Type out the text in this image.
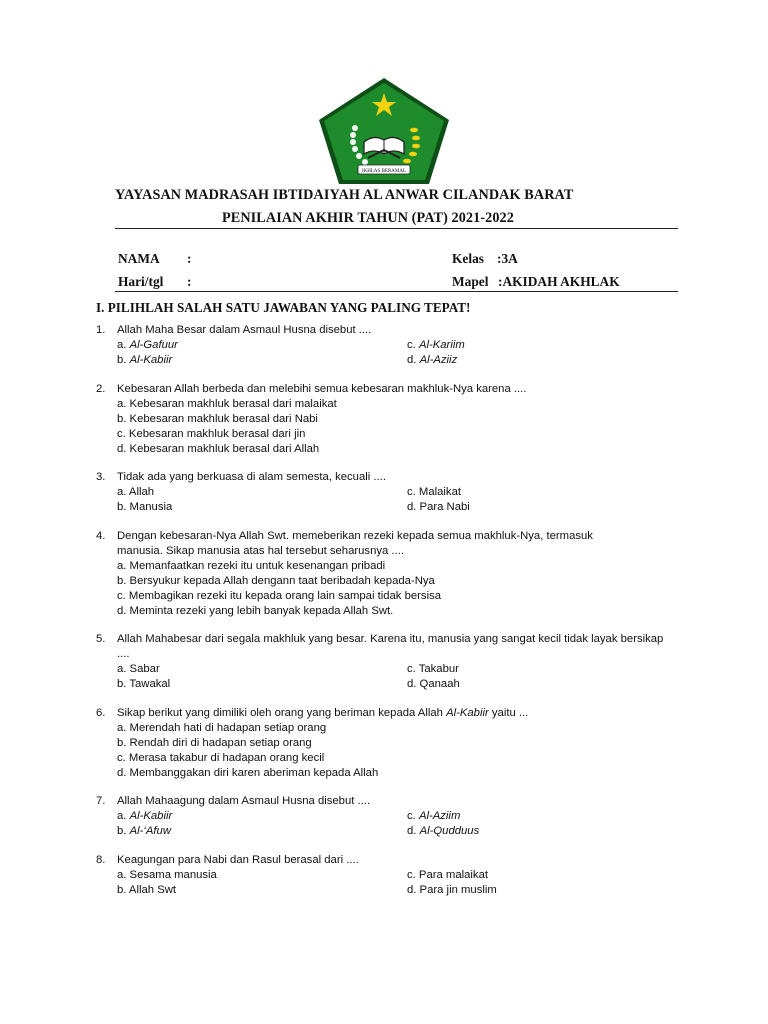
IKHLAS BERAMAL
YAYASAN MADRASAH IBTIDAIYAH AL ANWAR CILANDAK BARAT
PENILAIAN AKHIR TAHUN (PAT) 2021-2022
NAMA :	Kelas :3A
Hari/tgl :	Mapel :AKIDAH AKHLAK
I. PILIHLAH SALAH SATU JAWABAN YANG PALING TEPAT!
1. Allah Maha Besar dalam Asmaul Husna disebut ....
a. Al-Gafuur	c. Al-Kariim
b. Al-Kabiir	d. Al-Aziiz
2. Kebesaran Allah berbeda dan melebihi semua kebesaran makhluk-Nya karena ....
a. Kebesaran makhluk berasal dari malaikat
b. Kebesaran makhluk berasal dari Nabi
c. Kebesaran makhluk berasal dari jin
d. Kebesaran makhluk berasal dari Allah
3. Tidak ada yang berkuasa di alam semesta, kecuali ....
a. Allah	c. Malaikat
b. Manusia	d. Para Nabi
4. Dengan kebesaran-Nya Allah Swt. memeberikan rezeki kepada semua makhluk-Nya, termasuk manusia. Sikap manusia atas hal tersebut seharusnya ....
a. Memanfaatkan rezeki itu untuk kesenangan pribadi
b. Bersyukur kepada Allah dengann taat beribadah kepada-Nya
c. Membagikan rezeki itu kepada orang lain sampai tidak bersisa
d. Meminta rezeki yang lebih banyak kepada Allah Swt.
5. Allah Mahabesar dari segala makhluk yang besar. Karena itu, manusia yang sangat kecil tidak layak bersikap ....
a. Sabar	c. Takabur
b. Tawakal	d. Qanaah
6. Sikap berikut yang dimiliki oleh orang yang beriman kepada Allah Al-Kabiir yaitu ...
a. Merendah hati di hadapan setiap orang
b. Rendah diri di hadapan setiap orang
c. Merasa takabur di hadapan orang kecil
d. Membanggakan diri karen aberiman kepada Allah
7. Allah Mahaagung dalam Asmaul Husna disebut ....
a. Al-Kabiir	c. Al-Aziim
b. Al-‘Afuw	d. Al-Qudduus
8. Keagungan para Nabi dan Rasul berasal dari ....
a. Sesama manusia	c. Para malaikat
b. Allah Swt	d. Para jin muslim
